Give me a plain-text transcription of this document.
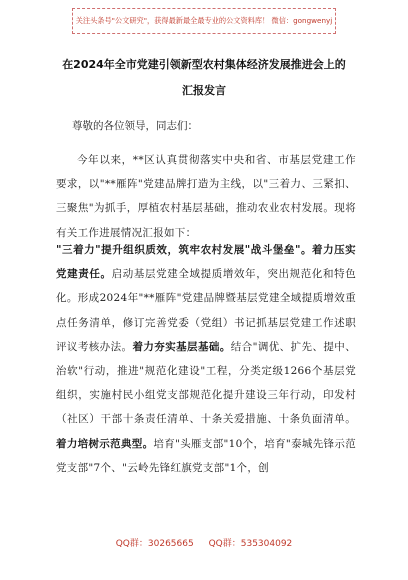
关注头条号"公文研究"，获得最新最全最专业的公文资料库！ 微信：gongwenyj
在2024年全市党建引领新型农村集体经济发展推进会上的
汇报发言
尊敬的各位领导，同志们：
今年以来，**区认真贯彻落实中央和省、市基层党建工作要求，以"**雁阵"党建品牌打造为主线，以"三着力、三紧扣、三聚焦"为抓手，厚植农村基层基础，推动农业农村发展。现将有关工作进展情况汇报如下：
"三着力"提升组织质效，筑牢农村发展"战斗堡垒"。着力压实党建责任。启动基层党建全域提质增效年，突出规范化和特色化。形成2024年"**雁阵"党建品牌暨基层党建全域提质增效重点任务清单，修订完善党委（党组）书记抓基层党建工作述职评议考核办法。着力夯实基层基础。结合"调优、扩先、提中、治软"行动，推进"规范化建设"工程，分类定级1266个基层党组织，实施村民小组党支部规范化提升建设三年行动，印发村（社区）干部十条责任清单、十条关爱措施、十条负面清单。着力培树示范典型。培育"头雁支部"10个，培育"泰城先锋示范党支部"7个、"云岭先锋红旗党支部"1个，创
QQ群：30265665 QQ群：535304092
